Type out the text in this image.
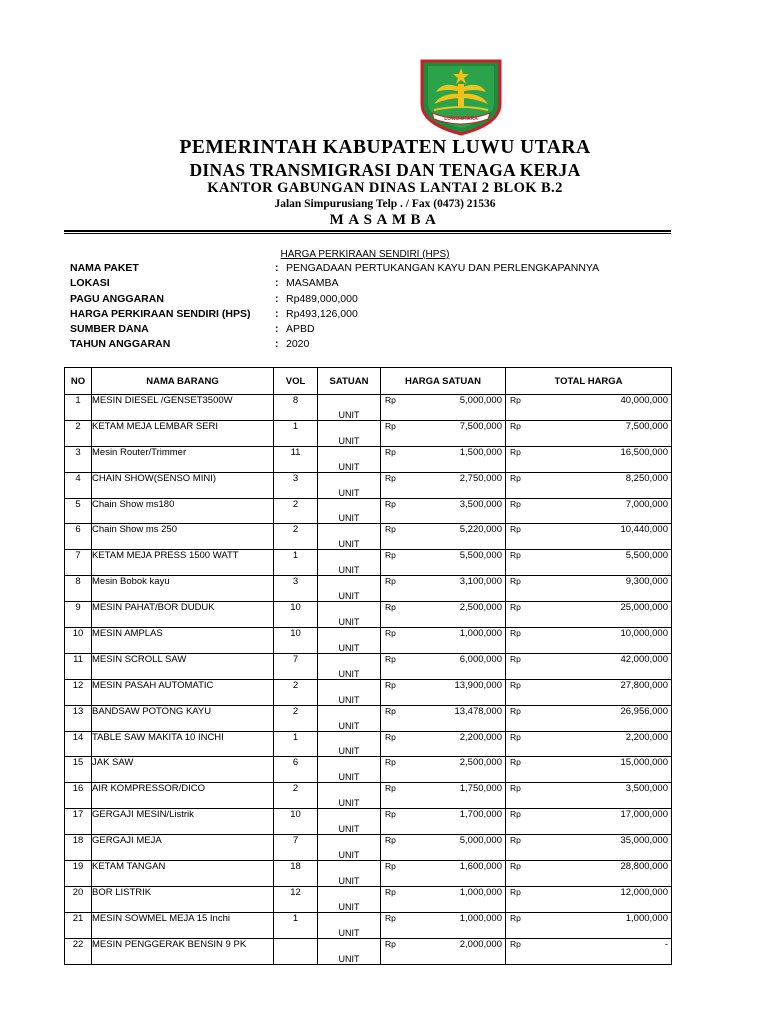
LUWU UTARA
PEMERINTAH KABUPATEN LUWU UTARA
DINAS TRANSMIGRASI DAN TENAGA KERJA
KANTOR GABUNGAN DINAS LANTAI 2 BLOK B.2
Jalan Simpurusiang Telp . / Fax (0473) 21536
MASAMBA
HARGA PERKIRAAN SENDIRI (HPS)
NAMA PAKET	: PENGADAAN PERTUKANGAN KAYU DAN PERLENGKAPANNYA
LOKASI	: MASAMBA
PAGU ANGGARAN	: Rp489,000,000
HARGA PERKIRAAN SENDIRI (HPS)	: Rp493,126,000
SUMBER DANA	: APBD
TAHUN ANGGARAN	: 2020
NO	NAMA BARANG	VOL	SATUAN	HARGA SATUAN	TOTAL HARGA
1	MESIN DIESEL /GENSET3500W	8	UNIT	Rp 5,000,000	Rp 40,000,000

2	KETAM MEJA LEMBAR SERI	1	UNIT	Rp 7,500,000	Rp 7,500,000

3	Mesin Router/Trimmer	11	UNIT	Rp 1,500,000	Rp 16,500,000

4	CHAIN SHOW(SENSO MINI)	3	UNIT	Rp 2,750,000	Rp 8,250,000

5	Chain Show ms180	2	UNIT	Rp 3,500,000	Rp 7,000,000

6	Chain Show ms 250	2	UNIT	Rp 5,220,000	Rp 10,440,000

7	KETAM MEJA PRESS 1500 WATT	1	UNIT	Rp 5,500,000	Rp 5,500,000

8	Mesin Bobok kayu	3	UNIT	Rp 3,100,000	Rp 9,300,000

9	MESIN PAHAT/BOR DUDUK	10	UNIT	Rp 2,500,000	Rp 25,000,000

10	MESIN AMPLAS	10	UNIT	Rp 1,000,000	Rp 10,000,000

11	MESIN SCROLL SAW	7	UNIT	Rp 6,000,000	Rp 42,000,000

12	MESIN PASAH AUTOMATIC	2	UNIT	Rp 13,900,000	Rp 27,800,000

13	BANDSAW POTONG KAYU	2	UNIT	Rp 13,478,000	Rp 26,956,000

14	TABLE SAW MAKITA 10 INCHI	1	UNIT	Rp 2,200,000	Rp 2,200,000

15	JAK SAW	6	UNIT	Rp 2,500,000	Rp 15,000,000

16	AIR KOMPRESSOR/DICO	2	UNIT	Rp 1,750,000	Rp 3,500,000

17	GERGAJI MESIN/Listrik	10	UNIT	Rp 1,700,000	Rp 17,000,000

18	GERGAJI MEJA	7	UNIT	Rp 5,000,000	Rp 35,000,000

19	KETAM TANGAN	18	UNIT	Rp 1,600,000	Rp 28,800,000

20	BOR LISTRIK	12	UNIT	Rp 1,000,000	Rp 12,000,000

21	MESIN SOWMEL MEJA 15 Inchi	1	UNIT	Rp 1,000,000	Rp 1,000,000

22	MESIN PENGGERAK BENSIN 9 PK		UNIT	Rp 2,000,000	Rp -
